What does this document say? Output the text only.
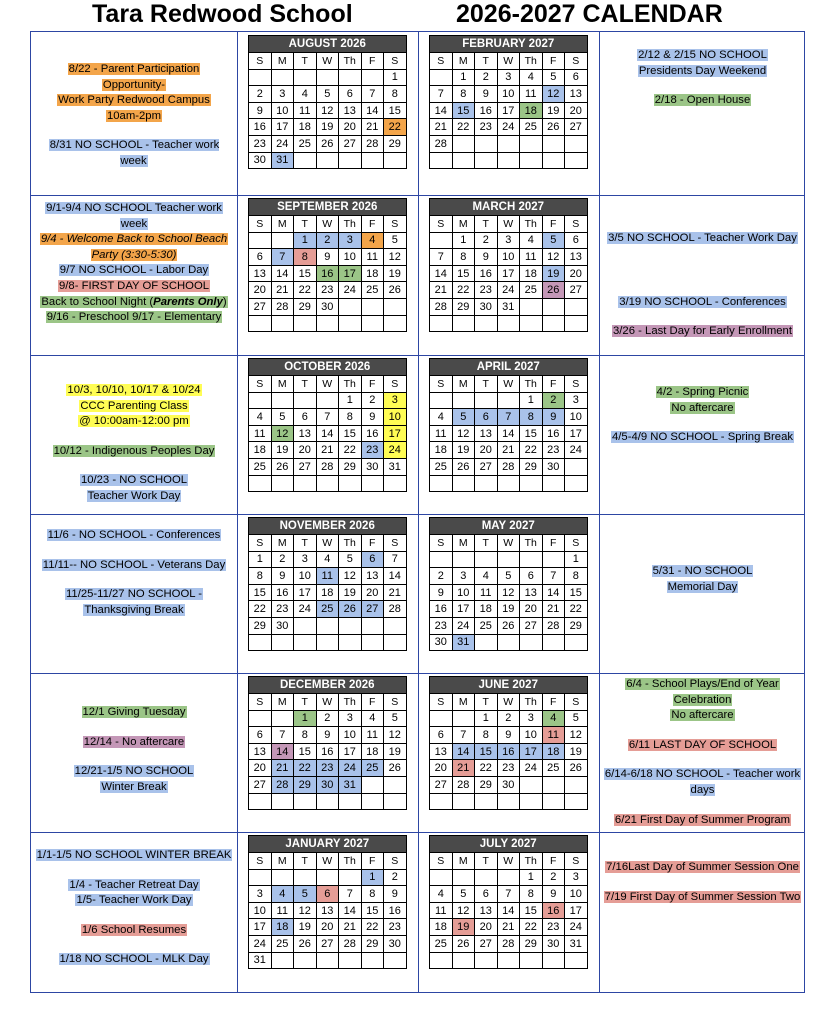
Tara Redwood School	2026-2027 CALENDAR
AUGUST 2026
S	M	T	W	Th	F	S
						1
2	3	4	5	6	7	8
9	10	11	12	13	14	15
16	17	18	19	20	21	22
23	24	25	26	27	28	29
30	31					
FEBRUARY 2027
S	M	T	W	Th	F	S
	1	2	3	4	5	6
7	8	9	10	11	12	13
14	15	16	17	18	19	20
21	22	23	24	25	26	27
28						

8/22 - Parent Participation
Opportunity-
Work Party Redwood Campus
10am-2pm
8/31 NO SCHOOL - Teacher work week
2/12 & 2/15 NO SCHOOL
Presidents Day Weekend
2/18 - Open House
SEPTEMBER 2026
S	M	T	W	Th	F	S
		1	2	3	4	5
6	7	8	9	10	11	12
13	14	15	16	17	18	19
20	21	22	23	24	25	26
27	28	29	30			

MARCH 2027
S	M	T	W	Th	F	S
	1	2	3	4	5	6
7	8	9	10	11	12	13
14	15	16	17	18	19	20
21	22	23	24	25	26	27
28	29	30	31			

9/1-9/4 NO SCHOOL Teacher work
week
9/4 - Welcome Back to School Beach
Party (3:30-5:30)
9/7 NO SCHOOL - Labor Day
9/8- FIRST DAY OF SCHOOL
Back to School Night (Parents Only)
9/16 - Preschool 9/17 - Elementary
3/5 NO SCHOOL - Teacher Work Day
3/19 NO SCHOOL - Conferences
3/26 - Last Day for Early Enrollment
OCTOBER 2026
S	M	T	W	Th	F	S
				1	2	3
4	5	6	7	8	9	10
11	12	13	14	15	16	17
18	19	20	21	22	23	24
25	26	27	28	29	30	31

APRIL 2027
S	M	T	W	Th	F	S
				1	2	3
4	5	6	7	8	9	10
11	12	13	14	15	16	17
18	19	20	21	22	23	24
25	26	27	28	29	30	

10/3, 10/10, 10/17 & 10/24
CCC Parenting Class
@ 10:00am-12:00 pm
10/12 - Indigenous Peoples Day
10/23 - NO SCHOOL
Teacher Work Day
4/2 - Spring Picnic
No aftercare
4/5-4/9 NO SCHOOL - Spring Break
NOVEMBER 2026
S	M	T	W	Th	F	S
1	2	3	4	5	6	7
8	9	10	11	12	13	14
15	16	17	18	19	20	21
22	23	24	25	26	27	28
29	30					

MAY 2027
S	M	T	W	Th	F	S
						1
2	3	4	5	6	7	8
9	10	11	12	13	14	15
16	17	18	19	20	21	22
23	24	25	26	27	28	29
30	31					
11/6 - NO SCHOOL - Conferences
11/11-- NO SCHOOL - Veterans Day
11/25-11/27 NO SCHOOL -
Thanksgiving Break
5/31 - NO SCHOOL
Memorial Day
DECEMBER 2026
S	M	T	W	Th	F	S
		1	2	3	4	5
6	7	8	9	10	11	12
13	14	15	16	17	18	19
20	21	22	23	24	25	26
27	28	29	30	31		

JUNE 2027
S	M	T	W	Th	F	S
		1	2	3	4	5
6	7	8	9	10	11	12
13	14	15	16	17	18	19
20	21	22	23	24	25	26
27	28	29	30			

12/1 Giving Tuesday
12/14 - No aftercare
12/21-1/5 NO SCHOOL
Winter Break
6/4 - School Plays/End of Year
Celebration
No aftercare
6/11 LAST DAY OF SCHOOL
6/14-6/18 NO SCHOOL - Teacher work
days
6/21 First Day of Summer Program
JANUARY 2027
S	M	T	W	Th	F	S
					1	2
3	4	5	6	7	8	9
10	11	12	13	14	15	16
17	18	19	20	21	22	23
24	25	26	27	28	29	30
31						
JULY 2027
S	M	T	W	Th	F	S
				1	2	3
4	5	6	7	8	9	10
11	12	13	14	15	16	17
18	19	20	21	22	23	24
25	26	27	28	29	30	31

1/1-1/5 NO SCHOOL WINTER BREAK
1/4 - Teacher Retreat Day
1/5- Teacher Work Day
1/6 School Resumes
1/18 NO SCHOOL - MLK Day
7/16Last Day of Summer Session One
7/19 First Day of Summer Session Two
